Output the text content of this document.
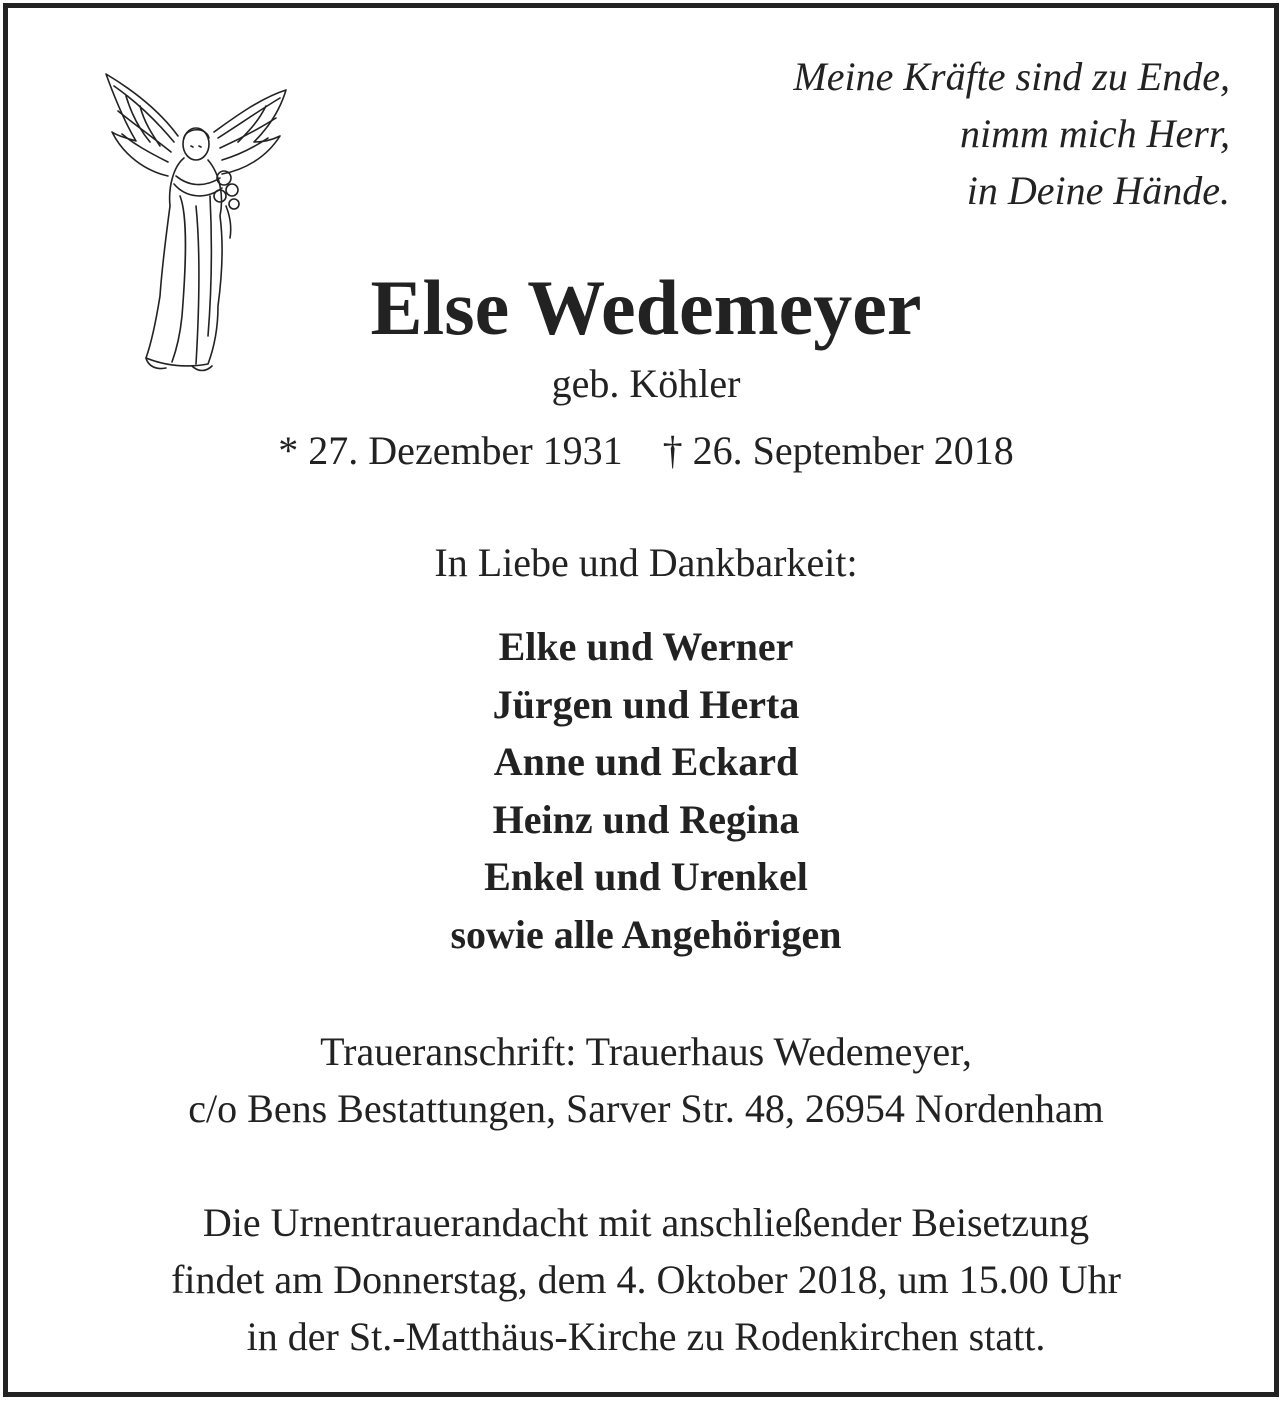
Meine Kräfte sind zu Ende,
nimm mich Herr,
in Deine Hände.
Else Wedemeyer
geb. Köhler
* 27. Dezember 1931 † 26. September 2018
In Liebe und Dankbarkeit:
Elke und Werner
Jürgen und Herta
Anne und Eckard
Heinz und Regina
Enkel und Urenkel
sowie alle Angehörigen
Traueranschrift: Trauerhaus Wedemeyer,
c/o Bens Bestattungen, Sarver Str. 48, 26954 Nordenham
Die Urnentrauerandacht mit anschließender Beisetzung
findet am Donnerstag, dem 4. Oktober 2018, um 15.00 Uhr
in der St.-Matthäus-Kirche zu Rodenkirchen statt.
